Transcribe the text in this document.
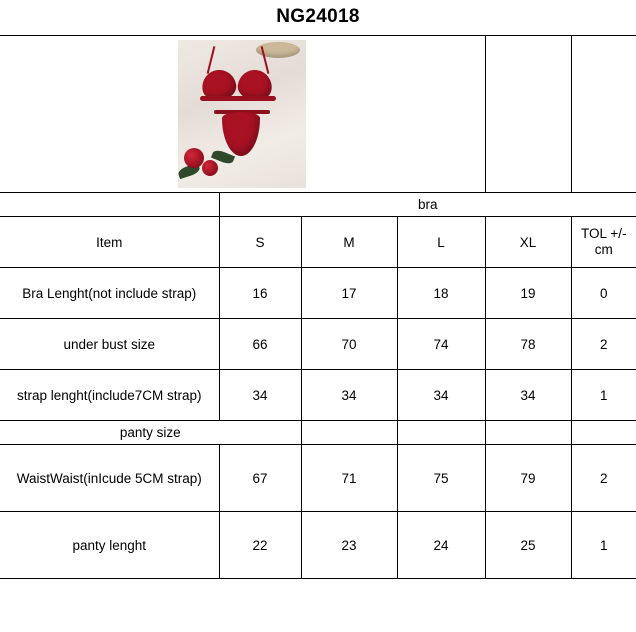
NG24018

	bra				
Item	S	M	L	XL	TOL +/-
cm
Bra Lenght(not include strap)	16	17	18	19	0
under bust size	66	70	74	78	2
strap lenght(include7CM strap)	34	34	34	34	1
panty size					
WaistWaist(inIcude 5CM strap)	67	71	75	79	2
panty lenght	22	23	24	25	1
